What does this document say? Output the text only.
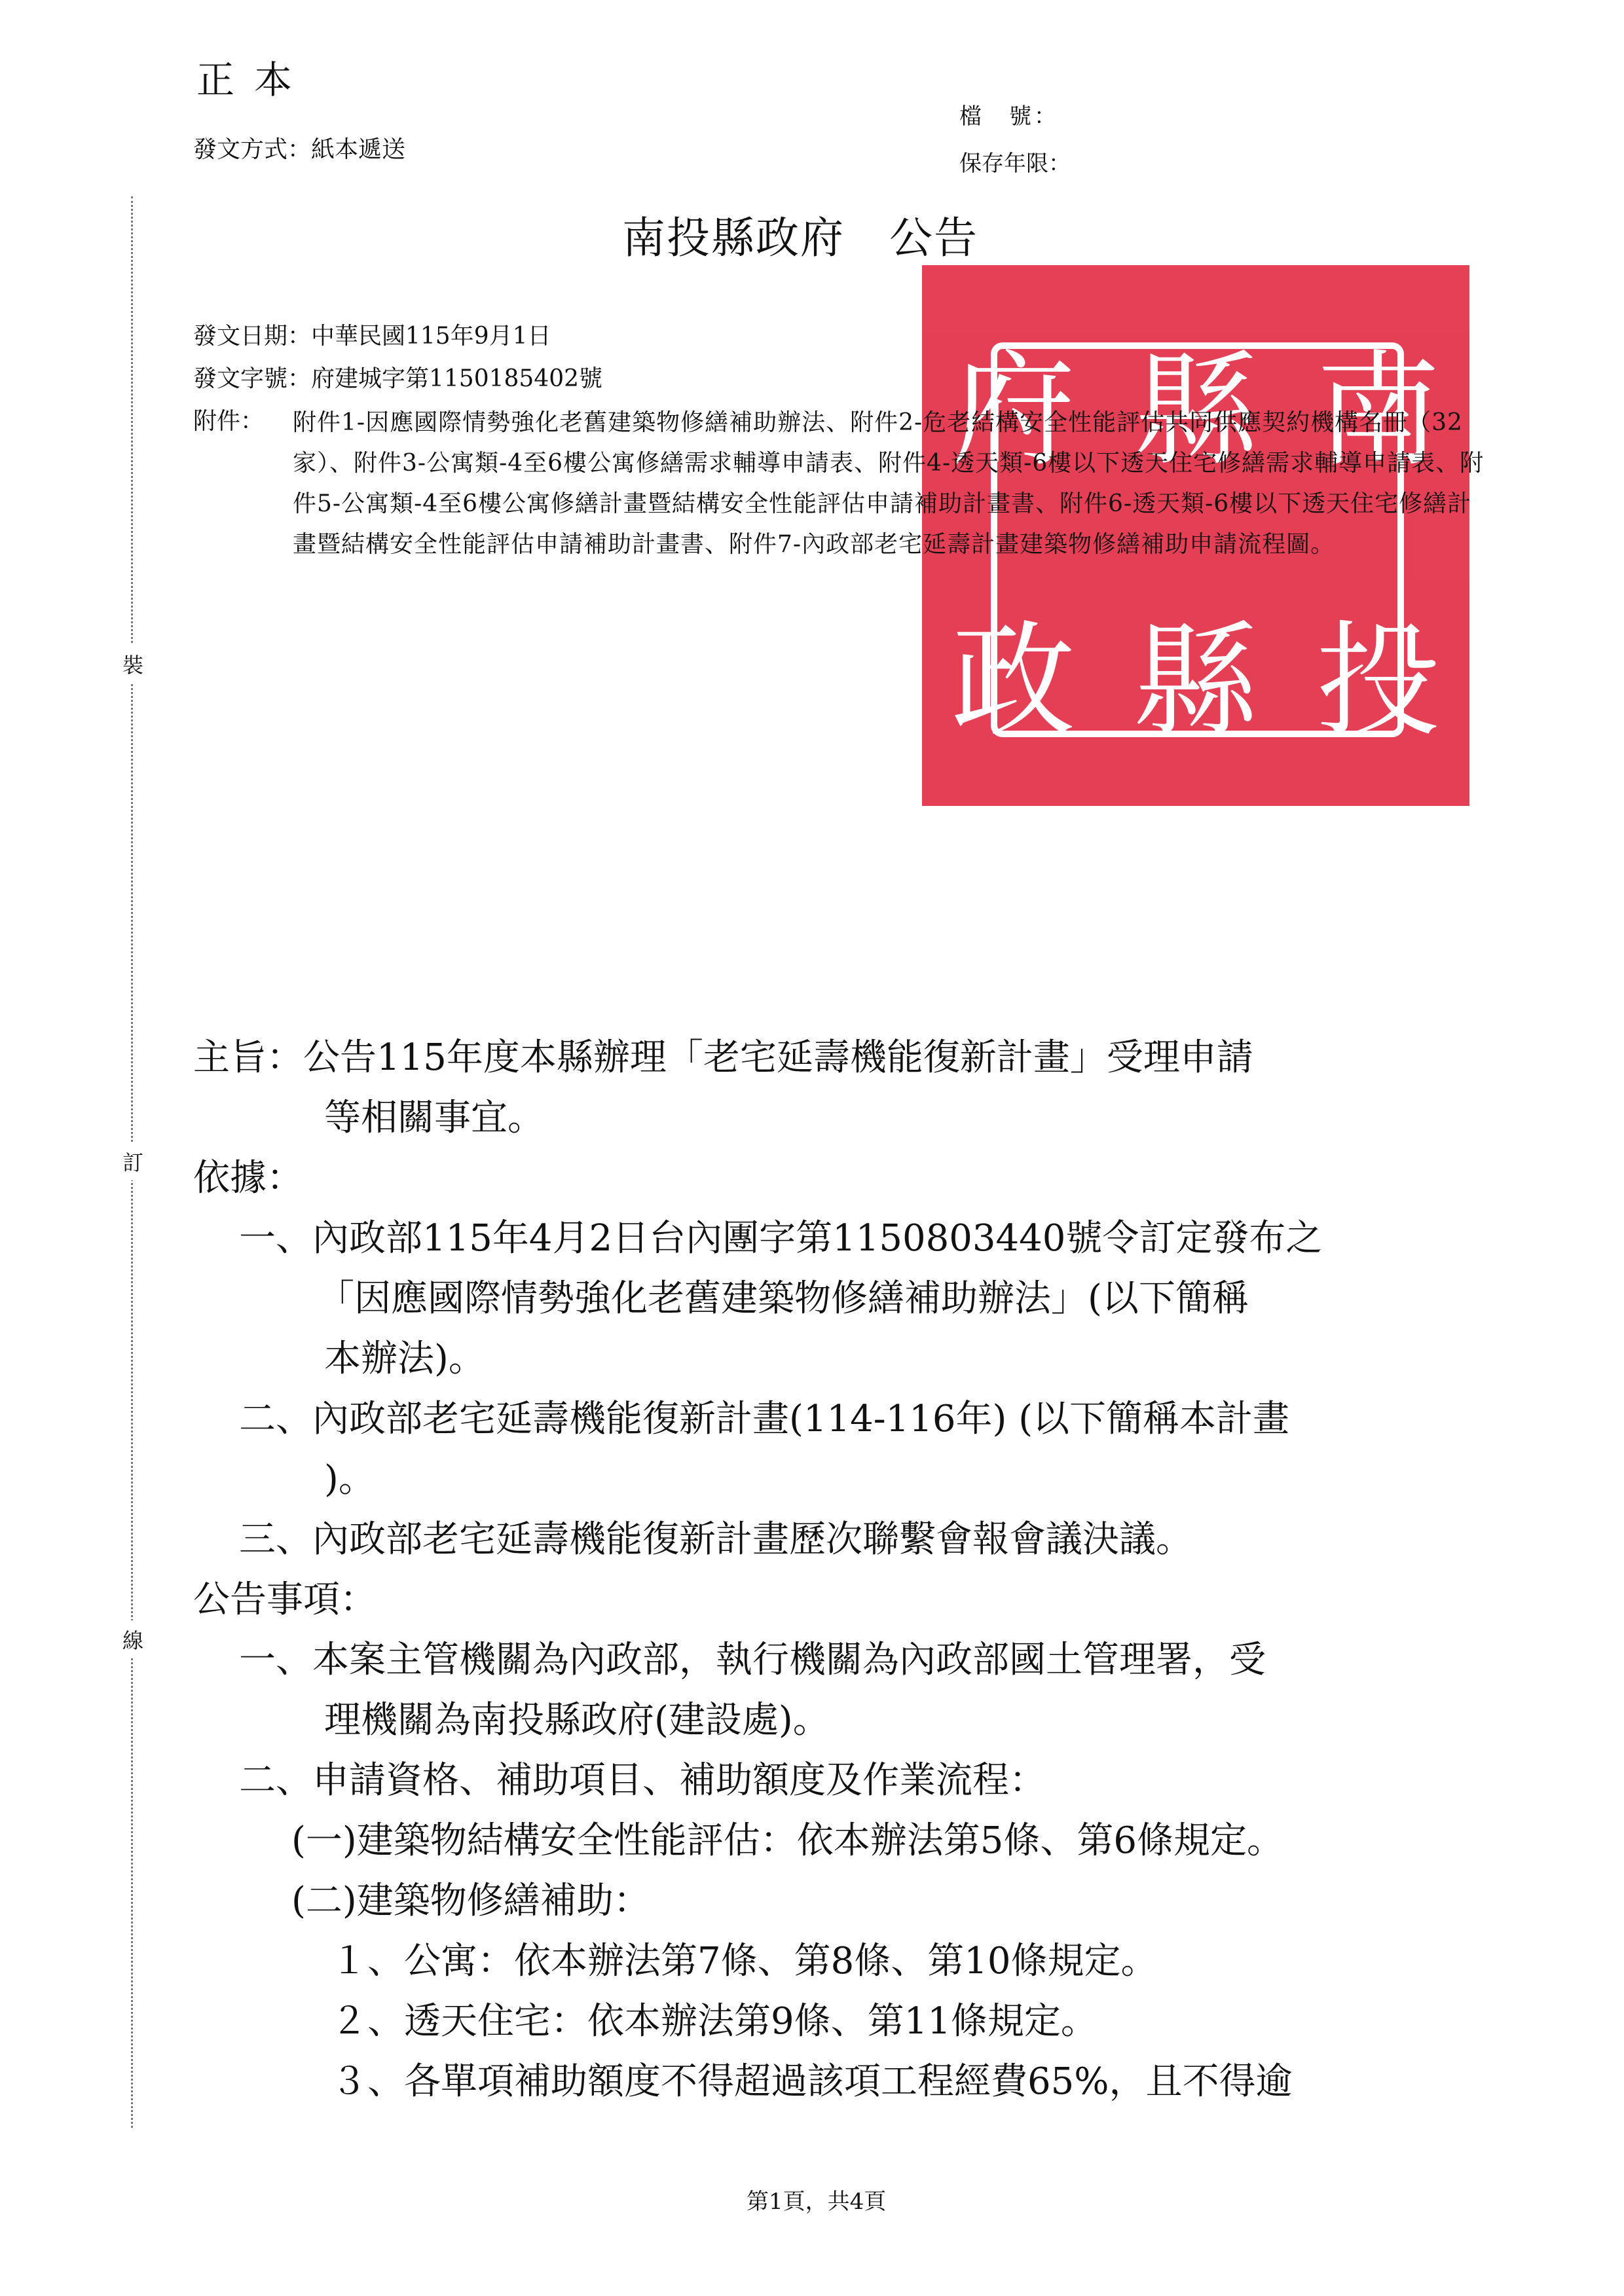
正本
發文方式：紙本遞送
檔　號：
保存年限：
裝
訂
線
府 縣 南
政 縣 投
南投縣政府　公告
發文日期：中華民國115年9月1日
發文字號：府建城字第1150185402號
附件： 附件1-因應國際情勢強化老舊建築物修繕補助辦法、附件2-危老結構安全性能評估共同供應契約機構名冊（32家）、附件3-公寓類-4至6樓公寓修繕需求輔導申請表、附件4-透天類-6樓以下透天住宅修繕需求輔導申請表、附件5-公寓類-4至6樓公寓修繕計畫暨結構安全性能評估申請補助計畫書、附件6-透天類-6樓以下透天住宅修繕計畫暨結構安全性能評估申請補助計畫書、附件7-內政部老宅延壽計畫建築物修繕補助申請流程圖。
主旨：公告115年度本縣辦理「老宅延壽機能復新計畫」受理申請
等相關事宜。
依據：
一、內政部115年4月2日台內團字第1150803440號令訂定發布之
「因應國際情勢強化老舊建築物修繕補助辦法」(以下簡稱
本辦法)。
二、內政部老宅延壽機能復新計畫(114-116年) (以下簡稱本計畫
)。
三、內政部老宅延壽機能復新計畫歷次聯繫會報會議決議。
公告事項：
一、本案主管機關為內政部，執行機關為內政部國土管理署，受
理機關為南投縣政府(建設處)。
二、申請資格、補助項目、補助額度及作業流程：
(一)建築物結構安全性能評估：依本辦法第5條、第6條規定。
(二)建築物修繕補助：
１、公寓：依本辦法第7條、第8條、第10條規定。
２、透天住宅：依本辦法第9條、第11條規定。
３、各單項補助額度不得超過該項工程經費65%，且不得逾
第1頁，共4頁
